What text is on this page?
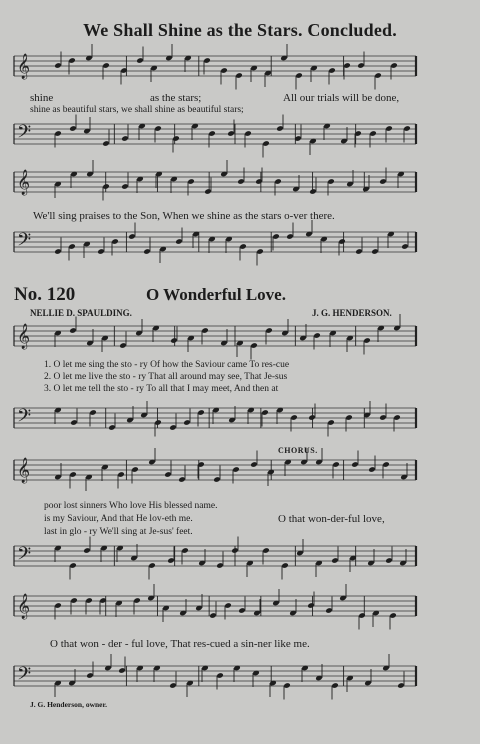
𝄞
𝄢
𝄞
𝄢
𝄞
𝄢
𝄞
𝄢
𝄞
𝄢
We Shall Shine as the Stars. Concluded.
shine	as the stars;	All our trials will be done,
shine as beautiful stars, we shall shine as beautiful stars;
We'll sing praises to the Son, When we shine as the stars o-ver there.
No. 120	O Wonderful Love.
NELLIE D. SPAULDING.	J. G. HENDERSON.
1. O let me sing the sto - ry Of how the Saviour came To res-cue
2. O let me live the sto - ry That all around may see, That Je-sus
3. O let me tell the sto - ry To all that I may meet, And then at
CHORUS.
poor lost sinners Who love His blessed name.
is my Saviour, And that He lov-eth me.	O that won-der-ful love,
last in glo - ry We'll sing at Je-sus' feet.
O that won - der - ful love, That res-cued a sin-ner like me.
J. G. Henderson, owner.
